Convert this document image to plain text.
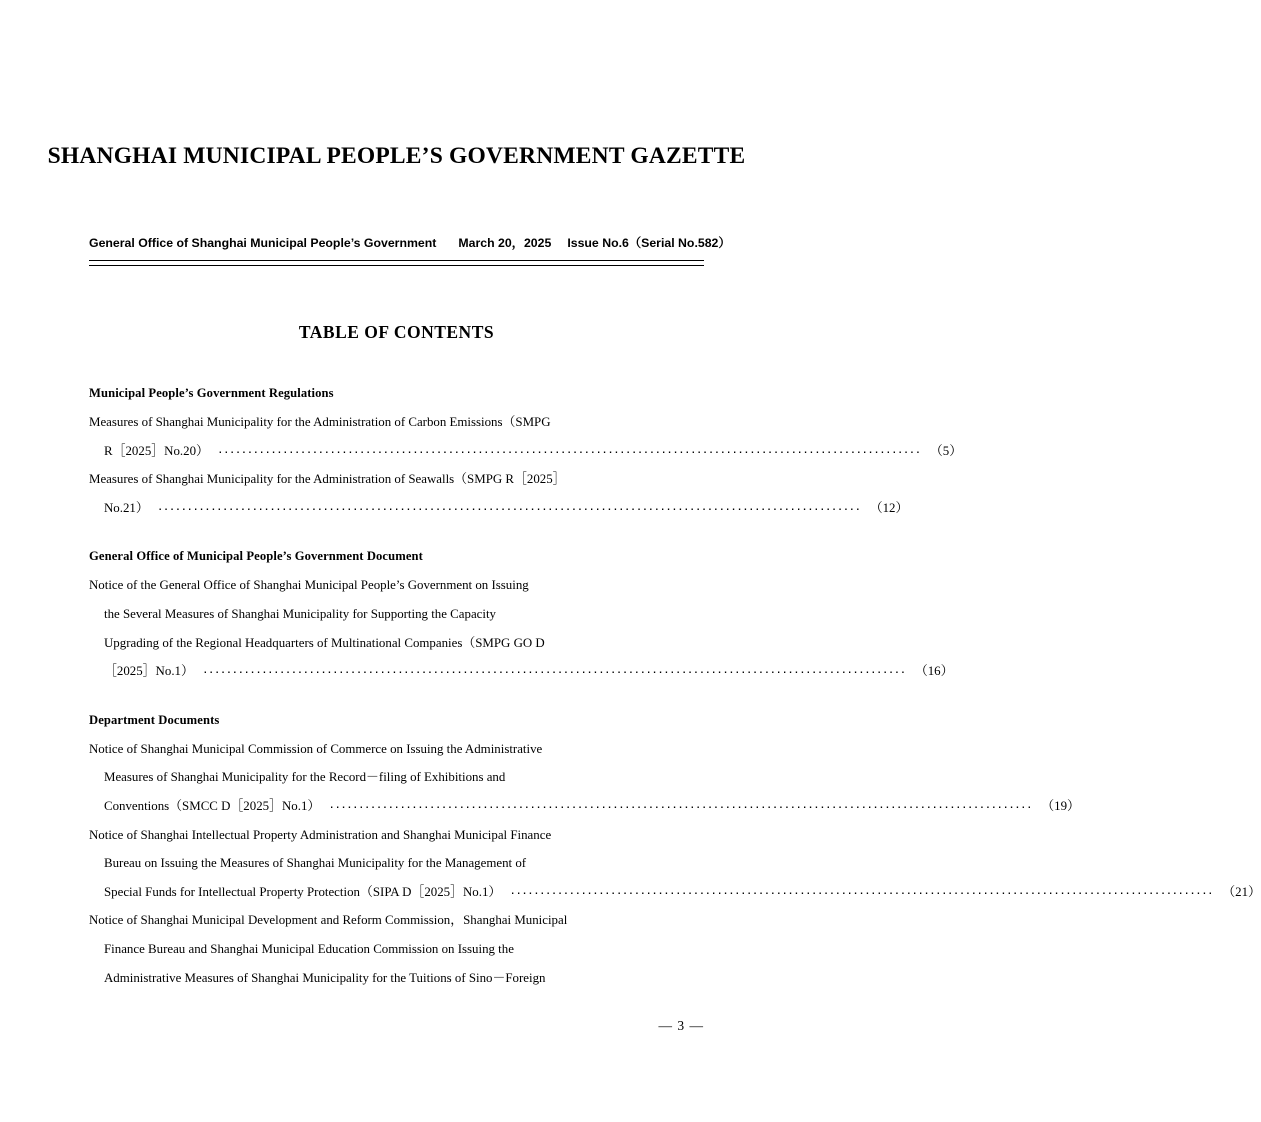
SHANGHAI MUNICIPAL PEOPLE’S GOVERNMENT GAZETTE
General Office of Shanghai Municipal People’s Government March 20，2025 Issue No.6（Serial No.582）
TABLE OF CONTENTS
Municipal People’s Government Regulations
Measures of Shanghai Municipality for the Administration of Carbon Emissions（SMPG
R［2025］No.20） ․․․․․․․․․․․․․․․․․․․․․․․․․․․․․․․․․․․․․․․․․․․․․․․․․․․․․․․․․․․․․․․․․․․․․․․․․․․․․․․․․․․․․․․․․․․․․․․․․․․․․․․․․․․․․․․․․․․․․․․ （5）
Measures of Shanghai Municipality for the Administration of Seawalls（SMPG R［2025］
No.21） ․․․․․․․․․․․․․․․․․․․․․․․․․․․․․․․․․․․․․․․․․․․․․․․․․․․․․․․․․․․․․․․․․․․․․․․․․․․․․․․․․․․․․․․․․․․․․․․․․․․․․․․․․․․․․․․․․․․․․․․ （12）
General Office of Municipal People’s Government Document
Notice of the General Office of Shanghai Municipal People’s Government on Issuing
the Several Measures of Shanghai Municipality for Supporting the Capacity
Upgrading of the Regional Headquarters of Multinational Companies（SMPG GO D
［2025］No.1） ․․․․․․․․․․․․․․․․․․․․․․․․․․․․․․․․․․․․․․․․․․․․․․․․․․․․․․․․․․․․․․․․․․․․․․․․․․․․․․․․․․․․․․․․․․․․․․․․․․․․․․․․․․․․․․․․․․․․․․․ （16）
Department Documents
Notice of Shanghai Municipal Commission of Commerce on Issuing the Administrative
Measures of Shanghai Municipality for the Record－filing of Exhibitions and
Conventions（SMCC D［2025］No.1） ․․․․․․․․․․․․․․․․․․․․․․․․․․․․․․․․․․․․․․․․․․․․․․․․․․․․․․․․․․․․․․․․․․․․․․․․․․․․․․․․․․․․․․․․․․․․․․․․․․․․․․․․․․․․․․․․․․․․․․․ （19）
Notice of Shanghai Intellectual Property Administration and Shanghai Municipal Finance
Bureau on Issuing the Measures of Shanghai Municipality for the Management of
Special Funds for Intellectual Property Protection（SIPA D［2025］No.1） ․․․․․․․․․․․․․․․․․․․․․․․․․․․․․․․․․․․․․․․․․․․․․․․․․․․․․․․․․․․․․․․․․․․․․․․․․․․․․․․․․․․․․․․․․․․․․․․․․․․․․․․․․․․․․․․․․․․․․․․ （21）
Notice of Shanghai Municipal Development and Reform Commission，Shanghai Municipal
Finance Bureau and Shanghai Municipal Education Commission on Issuing the
Administrative Measures of Shanghai Municipality for the Tuitions of Sino－Foreign
— 3 —
